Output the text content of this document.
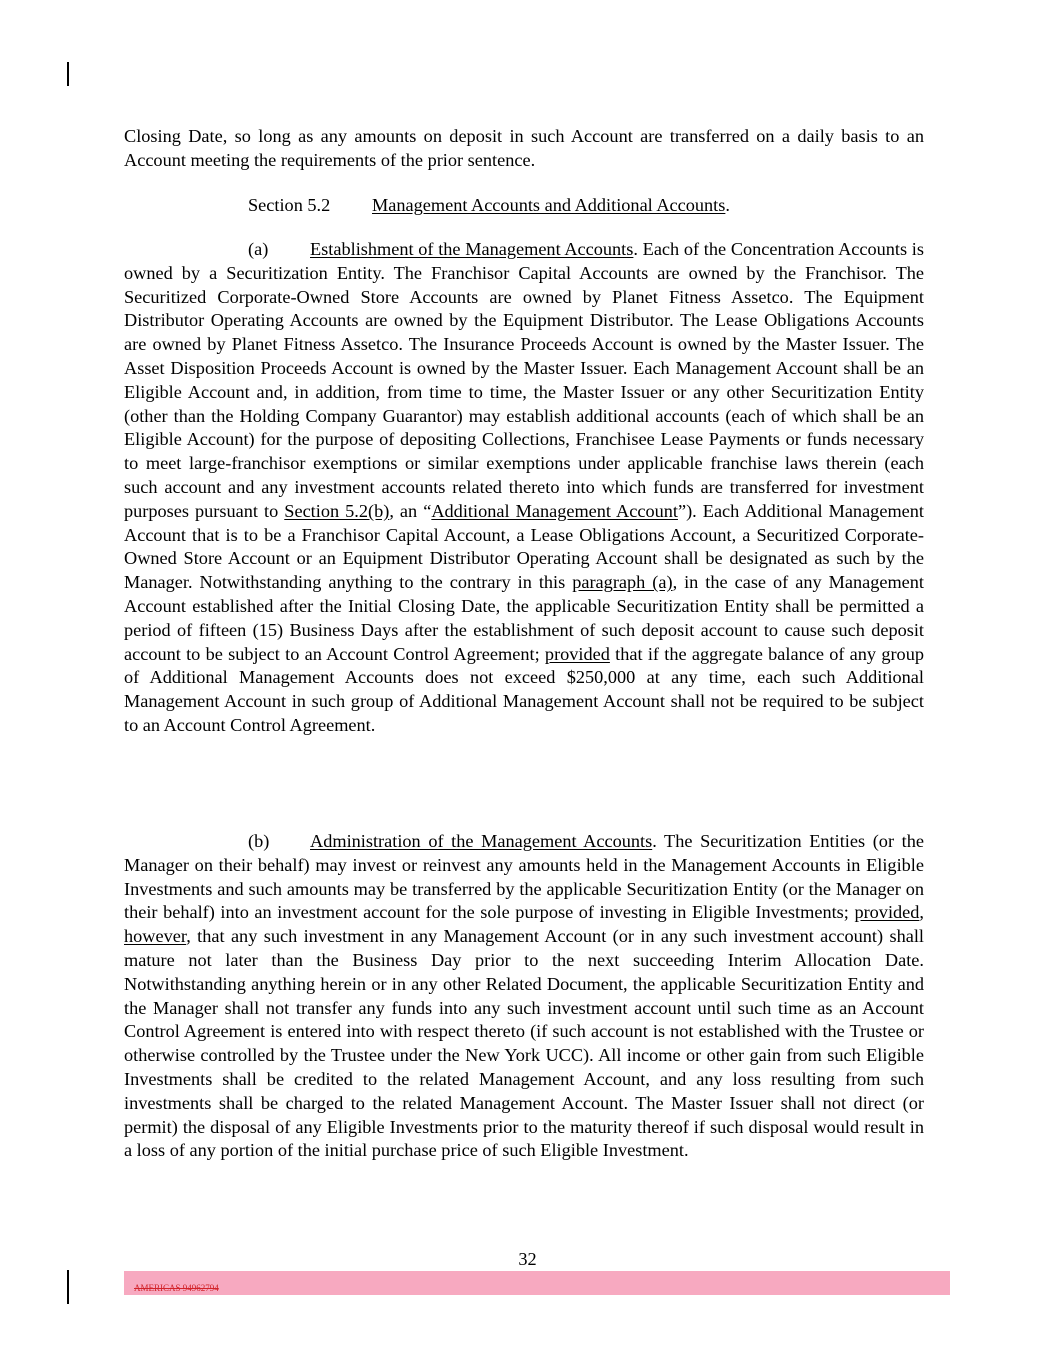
Closing Date, so long as any amounts on deposit in such Account are transferred on a daily basis to an Account meeting the requirements of the prior sentence.

Section 5.2 Management Accounts and Additional Accounts.

(a) Establishment of the Management Accounts. Each of the Concentration Accounts is owned by a Securitization Entity. The Franchisor Capital Accounts are owned by the Franchisor. The Securitized Corporate-Owned Store Accounts are owned by Planet Fitness Assetco. The Equipment Distributor Operating Accounts are owned by the Equipment Distributor. The Lease Obligations Accounts are owned by Planet Fitness Assetco. The Insurance Proceeds Account is owned by the Master Issuer. The Asset Disposition Proceeds Account is owned by the Master Issuer. Each Management Account shall be an Eligible Account and, in addition, from time to time, the Master Issuer or any other Securitization Entity (other than the Holding Company Guarantor) may establish additional accounts (each of which shall be an Eligible Account) for the purpose of depositing Collections, Franchisee Lease Payments or funds necessary to meet large-franchisor exemptions or similar exemptions under applicable franchise laws therein (each such account and any investment accounts related thereto into which funds are transferred for investment purposes pursuant to Section 5.2(b), an “Additional Management Account”). Each Additional Management Account that is to be a Franchisor Capital Account, a Lease Obligations Account, a Securitized Corporate-Owned Store Account or an Equipment Distributor Operating Account shall be designated as such by the Manager. Notwithstanding anything to the contrary in this paragraph (a), in the case of any Management Account established after the Initial Closing Date, the applicable Securitization Entity shall be permitted a period of fifteen (15) Business Days after the establishment of such deposit account to cause such deposit account to be subject to an Account Control Agreement; provided that if the aggregate balance of any group of Additional Management Accounts does not exceed $250,000 at any time, each such Additional Management Account in such group of Additional Management Account shall not be required to be subject to an Account Control Agreement.

(b) Administration of the Management Accounts. The Securitization Entities (or the Manager on their behalf) may invest or reinvest any amounts held in the Management Accounts in Eligible Investments and such amounts may be transferred by the applicable Securitization Entity (or the Manager on their behalf) into an investment account for the sole purpose of investing in Eligible Investments; provided, however, that any such investment in any Management Account (or in any such investment account) shall mature not later than the Business Day prior to the next succeeding Interim Allocation Date. Notwithstanding anything herein or in any other Related Document, the applicable Securitization Entity and the Manager shall not transfer any funds into any such investment account until such time as an Account Control Agreement is entered into with respect thereto (if such account is not established with the Trustee or otherwise controlled by the Trustee under the New York UCC). All income or other gain from such Eligible Investments shall be credited to the related Management Account, and any loss resulting from such investments shall be charged to the related Management Account. The Master Issuer shall not direct (or permit) the disposal of any Eligible Investments prior to the maturity thereof if such disposal would result in a loss of any portion of the initial purchase price of such Eligible Investment.

32
AMERICAS 94962794
